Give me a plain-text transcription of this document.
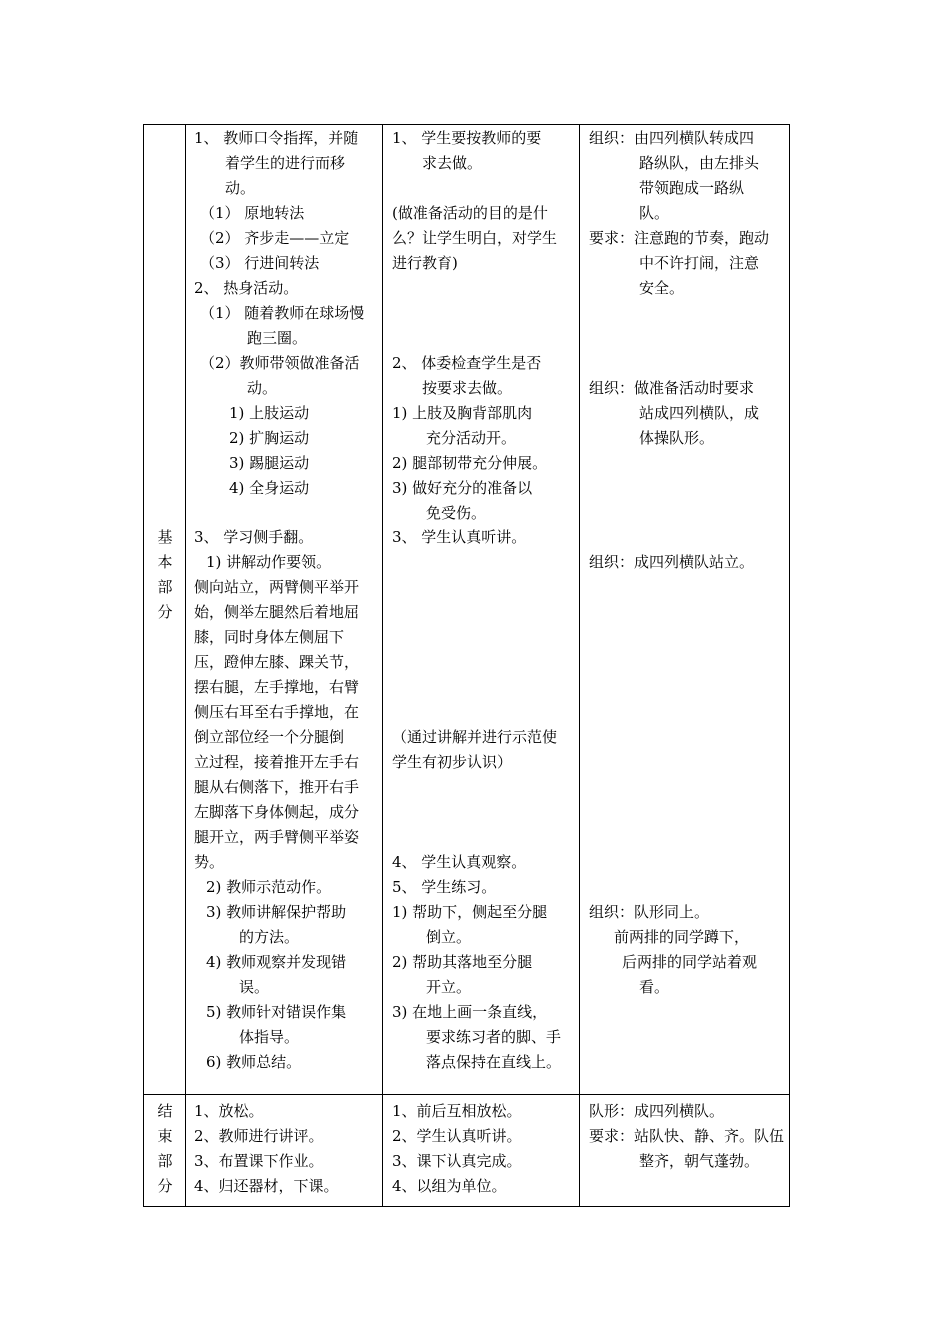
基
本
部
分
1、 教师口令指挥，并随
着学生的进行而移
动。
（1） 原地转法
（2） 齐步走——立定
（3） 行进间转法
2、 热身活动。
（1） 随着教师在球场慢
跑三圈。
（2）教师带领做准备活
动。
1) 上肢运动
2) 扩胸运动
3) 踢腿运动
4) 全身运动
3、 学习侧手翻。
1) 讲解动作要领。
侧向站立，两臂侧平举开
始，侧举左腿然后着地屈
膝，同时身体左侧屈下
压，蹬伸左膝、踝关节，
摆右腿，左手撑地，右臂
侧压右耳至右手撑地，在
倒立部位经一个分腿倒
立过程，接着推开左手右
腿从右侧落下，推开右手
左脚落下身体侧起，成分
腿开立，两手臂侧平举姿
势。
2) 教师示范动作。
3) 教师讲解保护帮助
的方法。
4) 教师观察并发现错
误。
5) 教师针对错误作集
体指导。
6) 教师总结。
1、 学生要按教师的要
求去做。
(做准备活动的目的是什
么？让学生明白，对学生
进行教育)
2、 体委检查学生是否
按要求去做。
1) 上肢及胸背部肌肉
充分活动开。
2) 腿部韧带充分伸展。
3) 做好充分的准备以
免受伤。
3、 学生认真听讲。
（通过讲解并进行示范使
学生有初步认识）
4、 学生认真观察。
5、 学生练习。
1) 帮助下，侧起至分腿
倒立。
2) 帮助其落地至分腿
开立。
3) 在地上画一条直线，
要求练习者的脚、手
落点保持在直线上。
组织：由四列横队转成四
路纵队，由左排头
带领跑成一路纵
队。
要求：注意跑的节奏，跑动
中不许打闹，注意
安全。
组织：做准备活动时要求
站成四列横队，成
体操队形。
组织：成四列横队站立。
组织：队形同上。
前两排的同学蹲下，
后两排的同学站着观
看。
结
束
部
分
1、放松。
2、教师进行讲评。
3、布置课下作业。
4、归还器材，下课。
1、前后互相放松。
2、学生认真听讲。
3、课下认真完成。
4、以组为单位。
队形：成四列横队。
要求：站队快、静、齐。队伍
整齐，朝气蓬勃。
